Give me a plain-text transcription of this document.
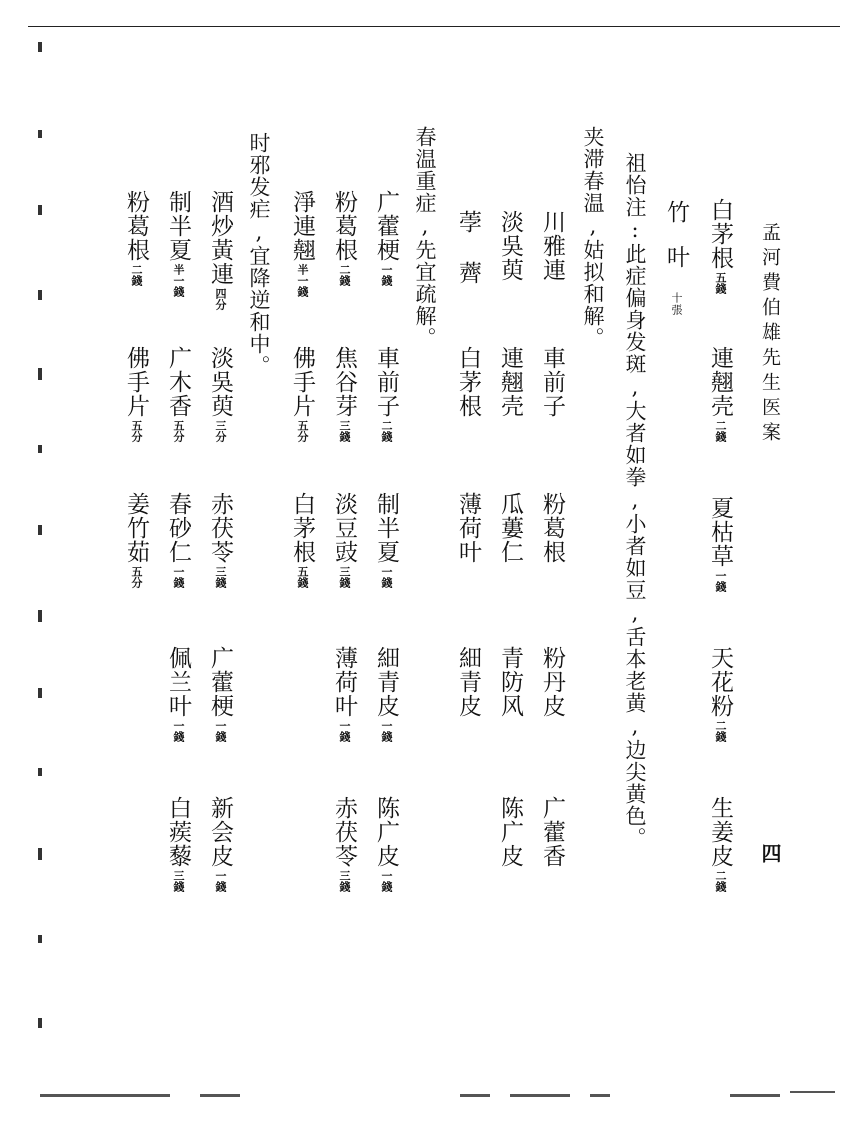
孟河費伯雄先生医案
四
白茅根五錢
連翹壳二錢
夏枯草一錢
天花粉二錢
生姜皮二錢
竹叶十張
祖怡注:此症偏身发斑,大者如拳,小者如豆,舌本老黄,边尖黄色。
夹滞春温,姑拟和解。
川雅連
車前子
粉葛根
粉丹皮
广藿香
淡吳萸
連翹壳
瓜蔞仁
青防风
陈广皮
荸 薺
白茅根
薄荷叶
細青皮
春温重症,先宜疏解。
广藿梗一錢
車前子二錢
制半夏一錢
細青皮一錢
陈广皮一錢
粉葛根二錢
焦谷芽三錢
淡豆豉三錢
薄荷叶一錢
赤茯苓三錢
淨連翹半一錢
佛手片五分
白茅根五錢
时邪发疟,宜降逆和中。
酒炒黃連四分
淡吳萸三分
赤茯苓三錢
广藿梗一錢
新会皮一錢
制半夏半一錢
广木香五分
春砂仁一錢
佩兰叶一錢
白蒺藜三錢
粉葛根二錢
佛手片五分
姜竹茹五分
